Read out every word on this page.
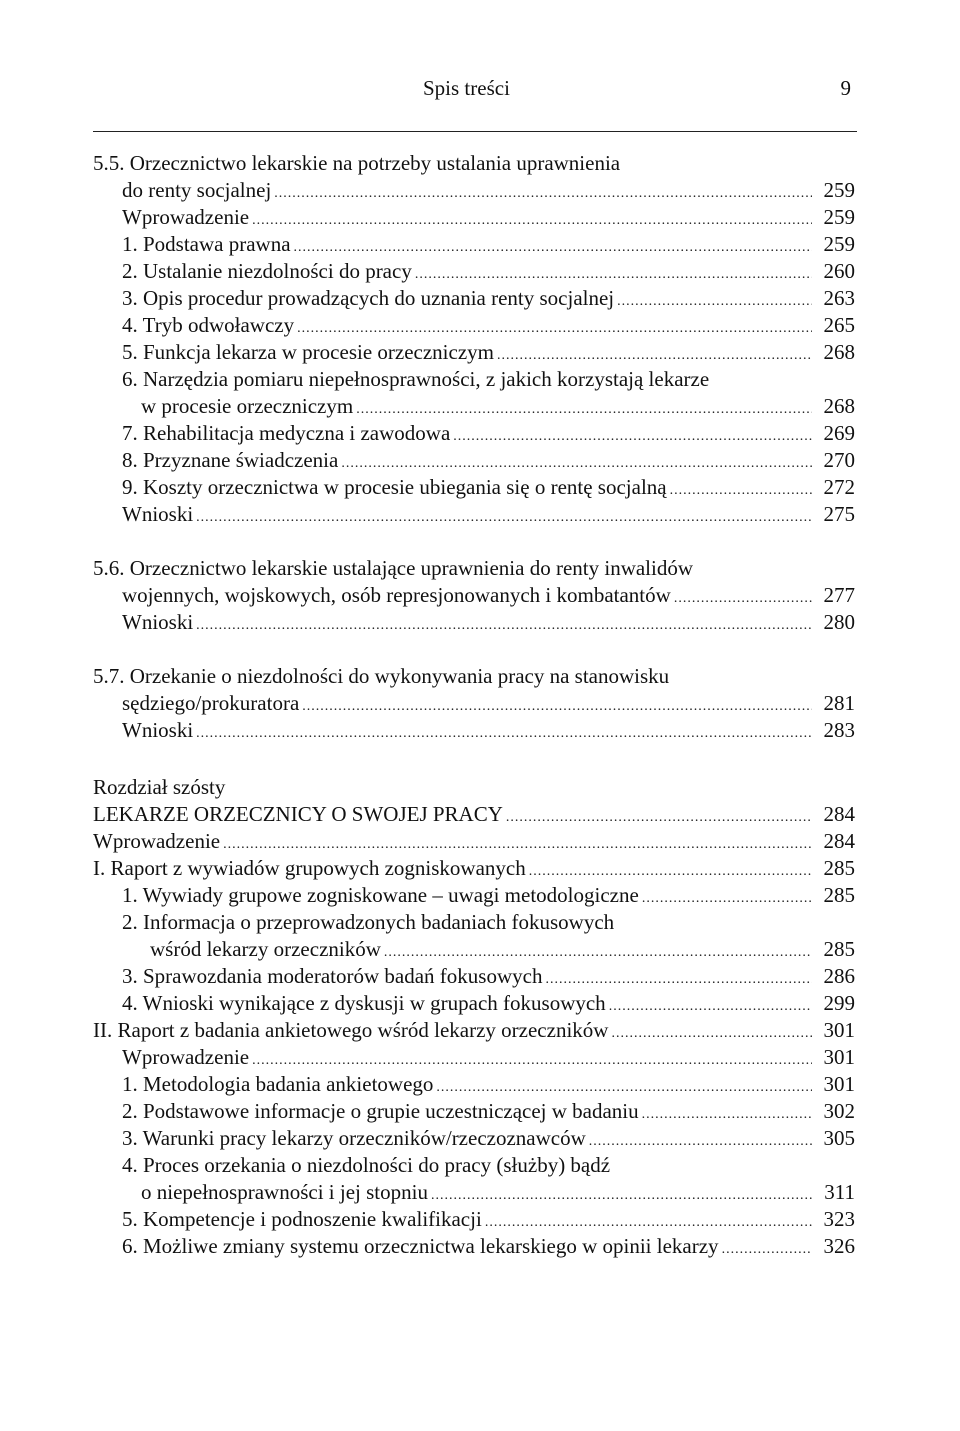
Spis treści	9
5.5. Orzecznictwo lekarskie na potrzeby ustalania uprawnienia
do renty socjalnej .....	259
Wprowadzenie .....	259
1. Podstawa prawna .....	259
2. Ustalanie niezdolności do pracy .....	260
3. Opis procedur prowadzących do uznania renty socjalnej .....	263
4. Tryb odwoławczy .....	265
5. Funkcja lekarza w procesie orzeczniczym .....	268
6. Narzędzia pomiaru niepełnosprawności, z jakich korzystają lekarze
w procesie orzeczniczym .....	268
7. Rehabilitacja medyczna i zawodowa .....	269
8. Przyznane świadczenia .....	270
9. Koszty orzecznictwa w procesie ubiegania się o rentę socjalną .....	272
Wnioski .....	275
5.6. Orzecznictwo lekarskie ustalające uprawnienia do renty inwalidów
wojennych, wojskowych, osób represjonowanych i kombatantów .....	277
Wnioski .....	280
5.7. Orzekanie o niezdolności do wykonywania pracy na stanowisku
sędziego/prokuratora .....	281
Wnioski .....	283
Rozdział szósty
LEKARZE ORZECZNICY O SWOJEJ PRACY .....	284
Wprowadzenie .....	284
I. Raport z wywiadów grupowych zogniskowanych .....	285
1. Wywiady grupowe zogniskowane – uwagi metodologiczne .....	285
2. Informacja o przeprowadzonych badaniach fokusowych
wśród lekarzy orzeczników .....	285
3. Sprawozdania moderatorów badań fokusowych .....	286
4. Wnioski wynikające z dyskusji w grupach fokusowych .....	299
II. Raport z badania ankietowego wśród lekarzy orzeczników .....	301
Wprowadzenie .....	301
1. Metodologia badania ankietowego .....	301
2. Podstawowe informacje o grupie uczestniczącej w badaniu .....	302
3. Warunki pracy lekarzy orzeczników/rzeczoznawców .....	305
4. Proces orzekania o niezdolności do pracy (służby) bądź
o niepełnosprawności i jej stopniu .....	311
5. Kompetencje i podnoszenie kwalifikacji .....	323
6. Możliwe zmiany systemu orzecznictwa lekarskiego w opinii lekarzy .....	326
